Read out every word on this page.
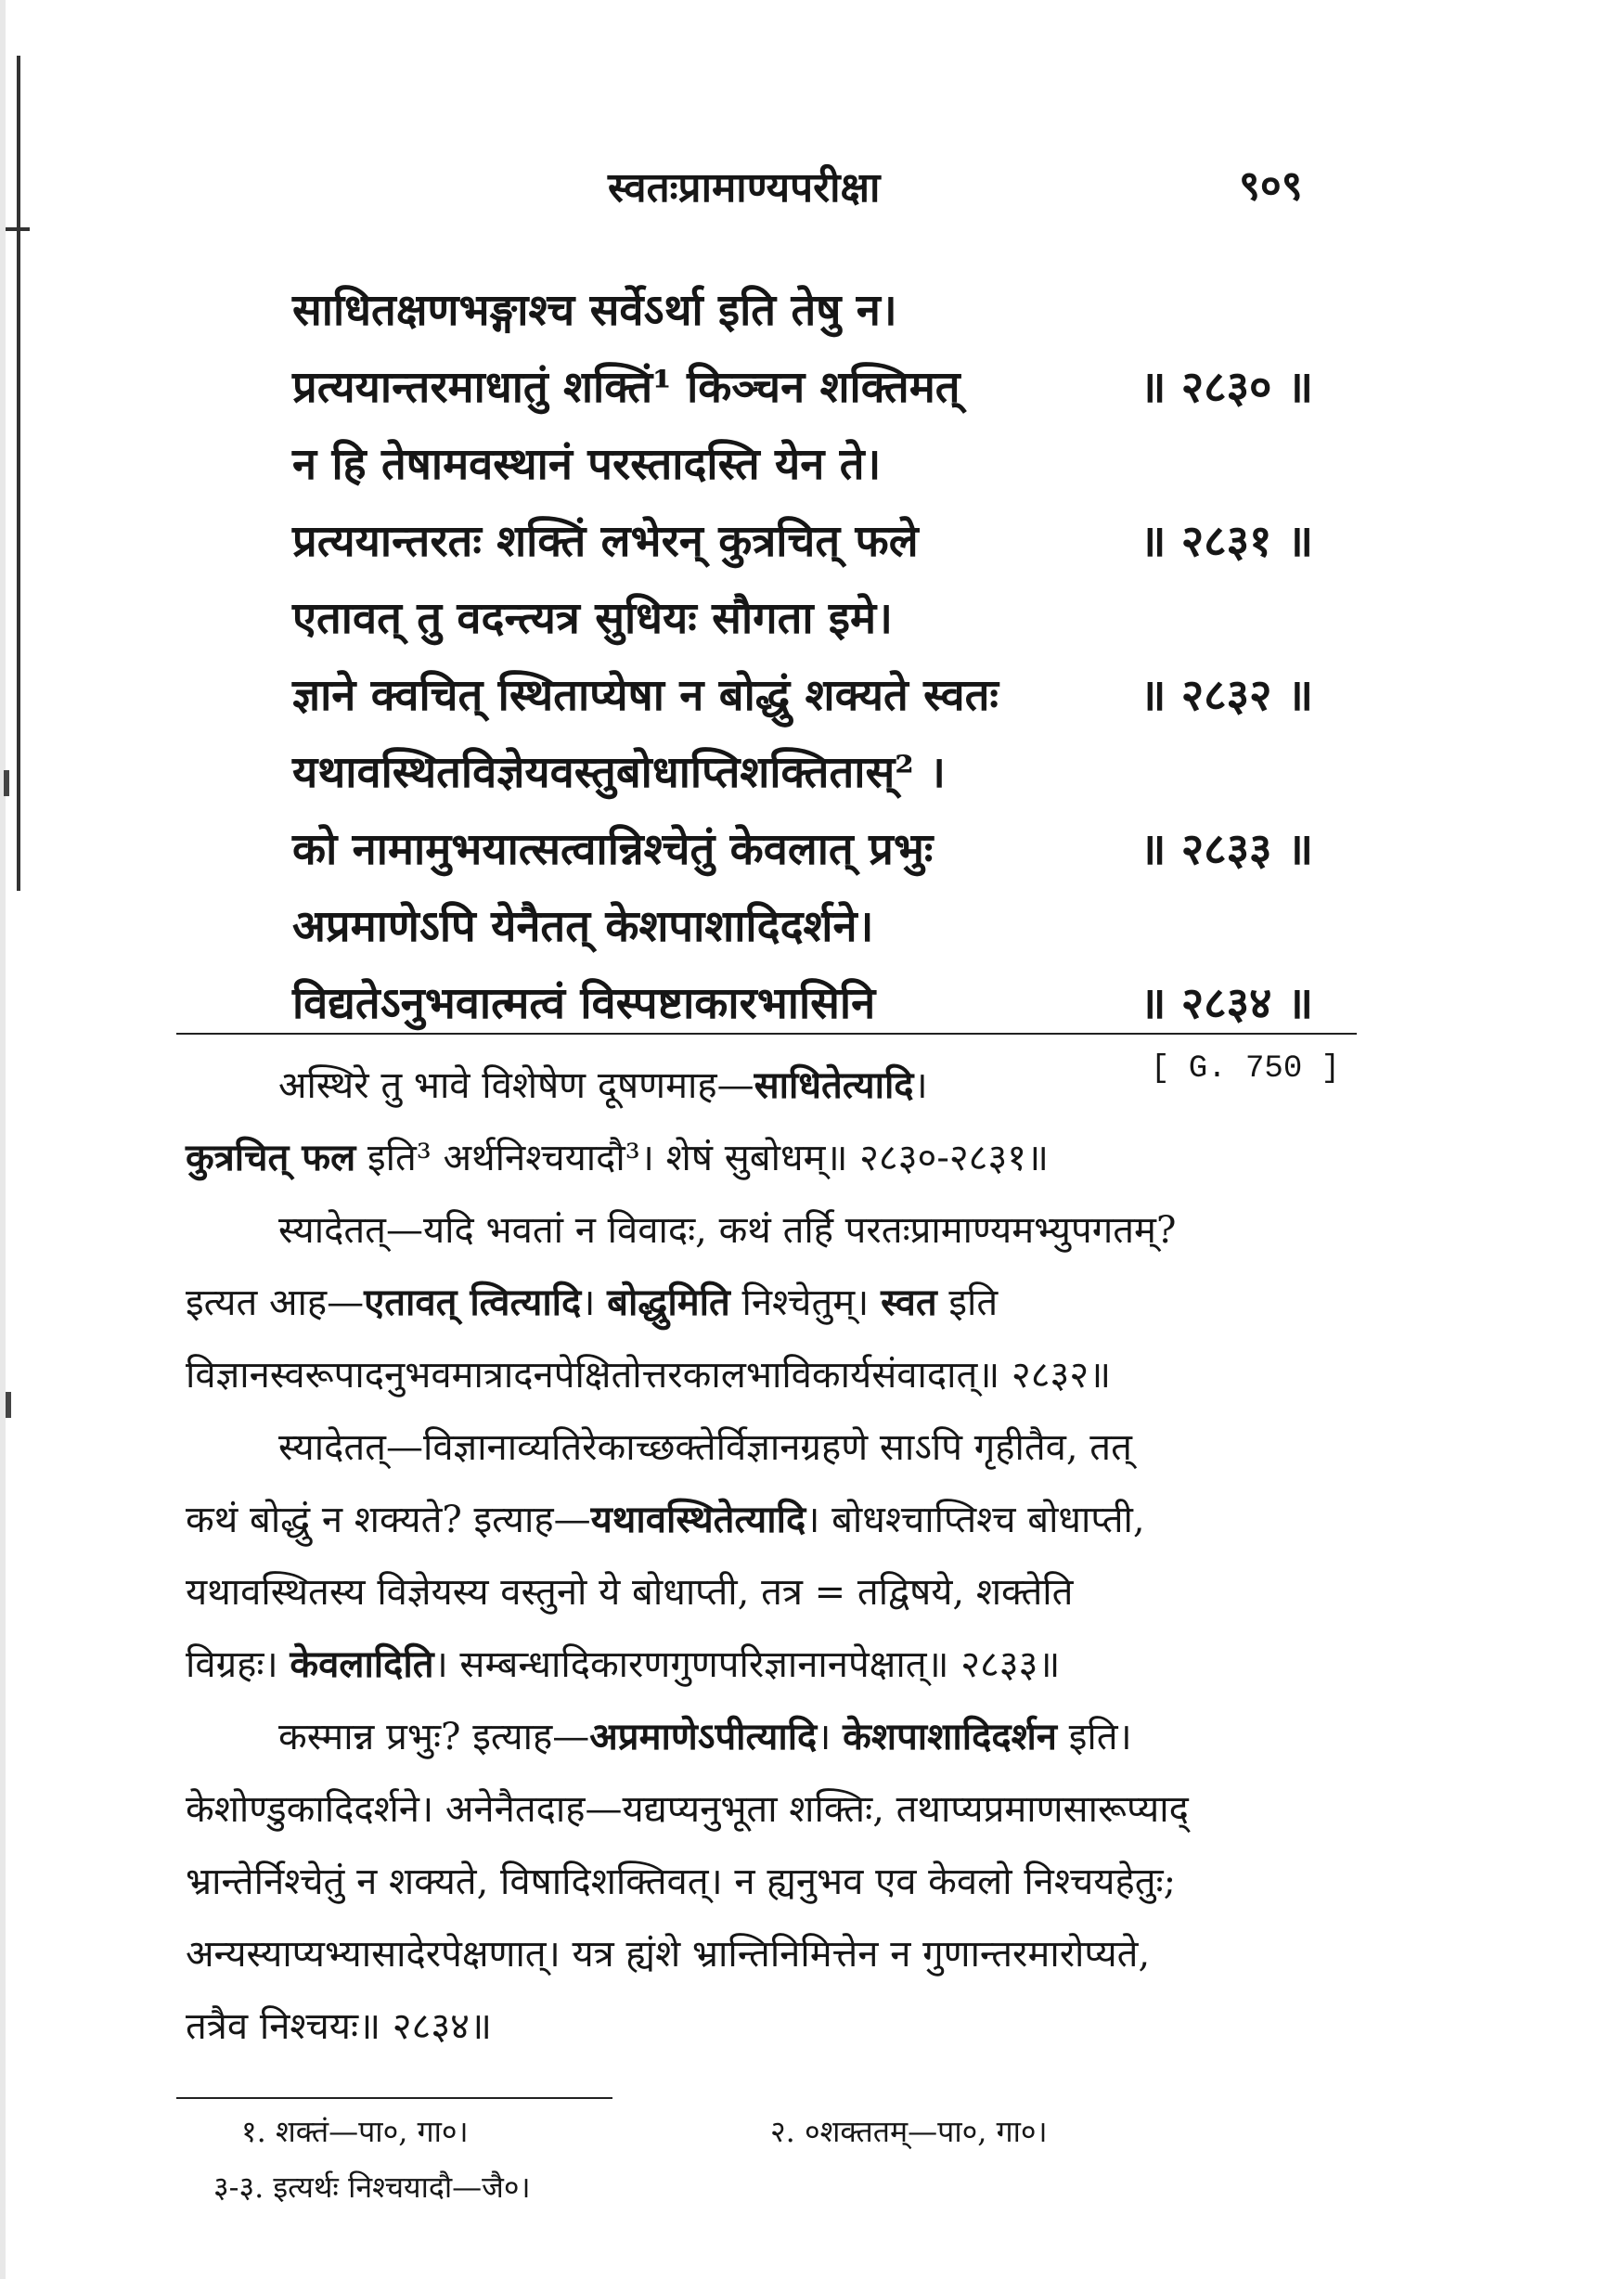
स्वतःप्रामाण्यपरीक्षा	९०९
साधितक्षणभङ्गाश्च सर्वेऽर्था इति तेषु न।
प्रत्ययान्तरमाधातुं शक्तिं¹ किञ्चन शक्तिमत्	॥ २८३० ॥
न हि तेषामवस्थानं परस्तादस्ति येन ते।
प्रत्ययान्तरतः शक्तिं लभेरन् कुत्रचित् फले	॥ २८३१ ॥
एतावत् तु वदन्त्यत्र सुधियः सौगता इमे।
ज्ञाने क्वचित् स्थिताप्येषा न बोद्धुं शक्यते स्वतः	॥ २८३२ ॥
यथावस्थितविज्ञेयवस्तुबोधाप्तिशक्तितास्² ।
को नामामुभयात्सत्वान्निश्चेतुं केवलात् प्रभुः	॥ २८३३ ॥
अप्रमाणेऽपि येनैतत् केशपाशादिदर्शने।
विद्यतेऽनुभवात्मत्वं विस्पष्टाकारभासिनि	॥ २८३४ ॥
[ G. 750 ]
अस्थिरे तु भावे विशेषेण दूषणमाह—साधितेत्यादि।
कुत्रचित् फल इति³ अर्थनिश्चयादौ³। शेषं सुबोधम्॥ २८३०-२८३१॥
स्यादेतत्—यदि भवतां न विवादः, कथं तर्हि परतःप्रामाण्यमभ्युपगतम्?
इत्यत आह—एतावत् त्वित्यादि। बोद्धुमिति निश्चेतुम्। स्वत इति
विज्ञानस्वरूपादनुभवमात्रादनपेक्षितोत्तरकालभाविकार्यसंवादात्॥ २८३२॥
स्यादेतत्—विज्ञानाव्यतिरेकाच्छक्तेर्विज्ञानग्रहणे साऽपि गृहीतैव, तत्
कथं बोद्धुं न शक्यते? इत्याह—यथावस्थितेत्यादि। बोधश्चाप्तिश्च बोधाप्ती,
यथावस्थितस्य विज्ञेयस्य वस्तुनो ये बोधाप्ती, तत्र = तद्विषये, शक्तेति
विग्रहः। केवलादिति। सम्बन्धादिकारणगुणपरिज्ञानानपेक्षात्॥ २८३३॥
कस्मान्न प्रभुः? इत्याह—अप्रमाणेऽपीत्यादि। केशपाशादिदर्शन इति।
केशोण्डुकादिदर्शने। अनेनैतदाह—यद्यप्यनुभूता शक्तिः, तथाप्यप्रमाणसारूप्याद्
भ्रान्तेर्निश्चेतुं न शक्यते, विषादिशक्तिवत्। न ह्यनुभव एव केवलो निश्चयहेतुः;
अन्यस्याप्यभ्यासादेरपेक्षणात्। यत्र ह्यंशे भ्रान्तिनिमित्तेन न गुणान्तरमारोप्यते,
तत्रैव निश्चयः॥ २८३४॥
१. शक्तं—पा०, गा०।	२. ०शक्ततम्—पा०, गा०।
३-३. इत्यर्थः निश्चयादौ—जै०।
